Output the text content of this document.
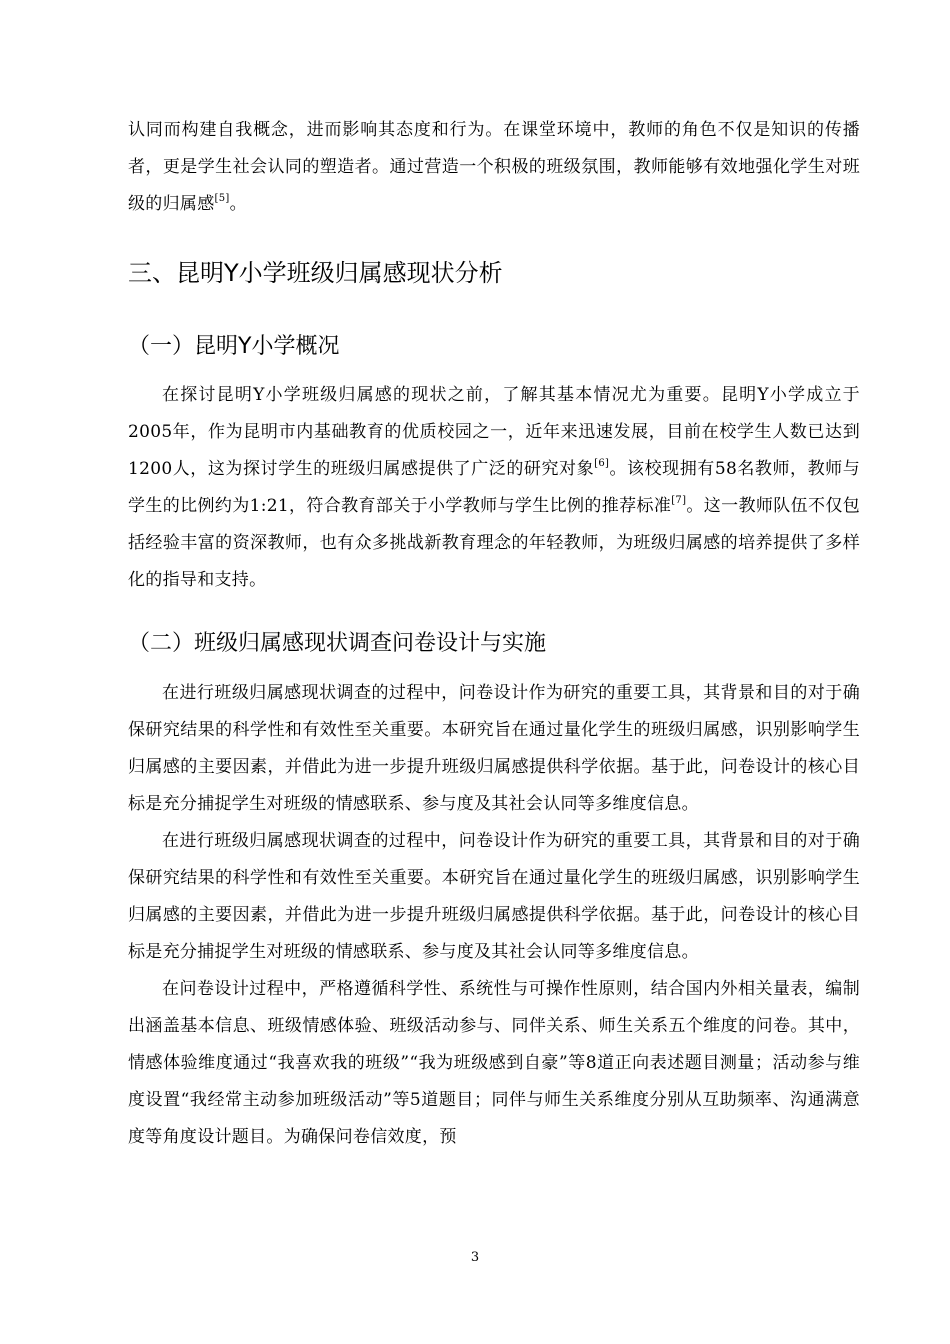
认同而构建自我概念，进而影响其态度和行为。在课堂环境中，教师的角色不仅是知识的传播者，更是学生社会认同的塑造者。通过营造一个积极的班级氛围，教师能够有效地强化学生对班级的归属感[5]。

三、昆明Y小学班级归属感现状分析
（一）昆明Y小学概况

在探讨昆明Y小学班级归属感的现状之前，了解其基本情况尤为重要。昆明Y小学成立于2005年，作为昆明市内基础教育的优质校园之一，近年来迅速发展，目前在校学生人数已达到1200人，这为探讨学生的班级归属感提供了广泛的研究对象[6]。该校现拥有58名教师，教师与学生的比例约为1:21，符合教育部关于小学教师与学生比例的推荐标准[7]。这一教师队伍不仅包括经验丰富的资深教师，也有众多挑战新教育理念的年轻教师，为班级归属感的培养提供了多样化的指导和支持。

（二）班级归属感现状调查问卷设计与实施

在进行班级归属感现状调查的过程中，问卷设计作为研究的重要工具，其背景和目的对于确保研究结果的科学性和有效性至关重要。本研究旨在通过量化学生的班级归属感，识别影响学生归属感的主要因素，并借此为进一步提升班级归属感提供科学依据。基于此，问卷设计的核心目标是充分捕捉学生对班级的情感联系、参与度及其社会认同等多维度信息。

在进行班级归属感现状调查的过程中，问卷设计作为研究的重要工具，其背景和目的对于确保研究结果的科学性和有效性至关重要。本研究旨在通过量化学生的班级归属感，识别影响学生归属感的主要因素，并借此为进一步提升班级归属感提供科学依据。基于此，问卷设计的核心目标是充分捕捉学生对班级的情感联系、参与度及其社会认同等多维度信息。

在问卷设计过程中，严格遵循科学性、系统性与可操作性原则，结合国内外相关量表，编制出涵盖基本信息、班级情感体验、班级活动参与、同伴关系、师生关系五个维度的问卷。其中，情感体验维度通过“我喜欢我的班级”“我为班级感到自豪”等8道正向表述题目测量；活动参与维度设置“我经常主动参加班级活动”等5道题目；同伴与师生关系维度分别从互助频率、沟通满意度等角度设计题目。为确保问卷信效度，预

3
